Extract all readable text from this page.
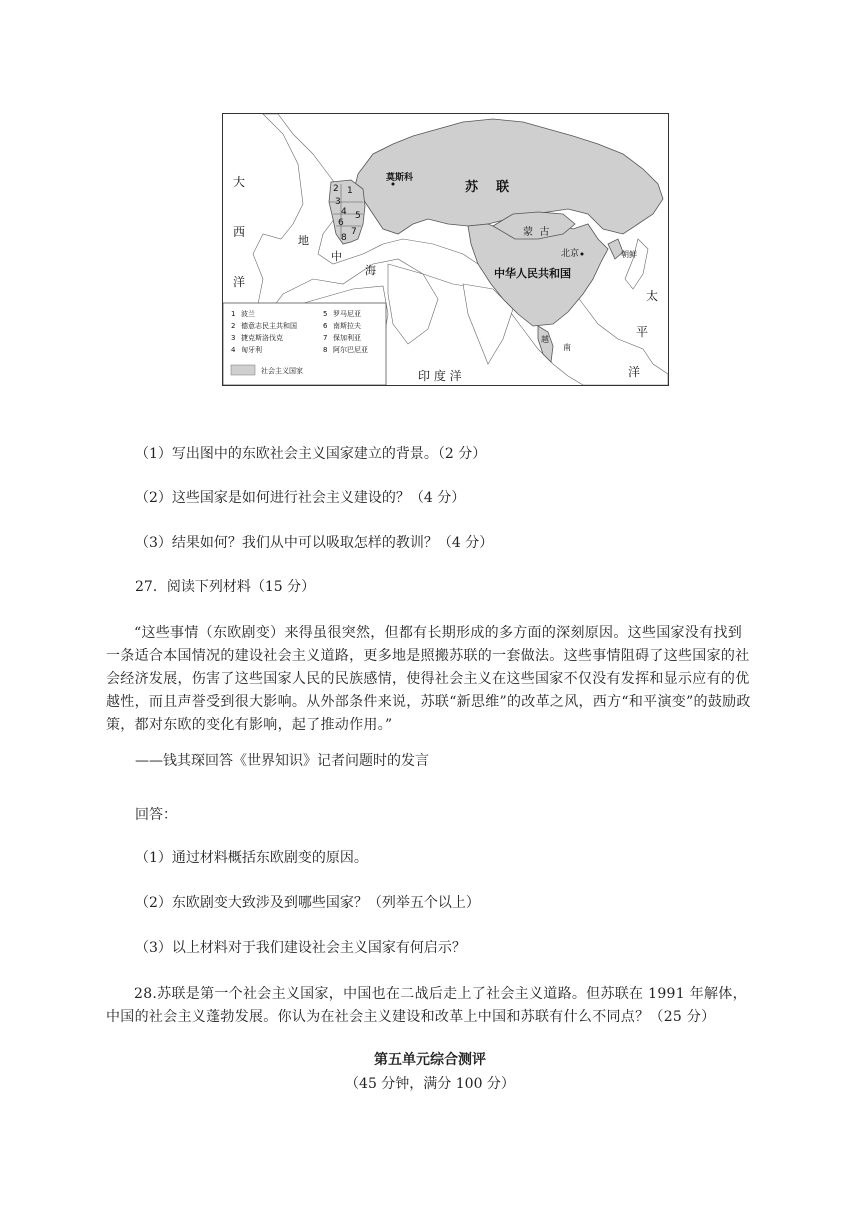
大
西
洋
地
中
海
太
平
洋
印 度 洋
莫斯科
苏    联
蒙  古
北京
中华人民共和国
朝鲜
越
南
1
2
3
4 5
6
7
8
1 波兰
2 德意志民主共和国
3 捷克斯洛伐克
4 匈牙利
5 罗马尼亚
6 南斯拉夫
7 保加利亚
8 阿尔巴尼亚
社会主义国家
（1）写出图中的东欧社会主义国家建立的背景。（2 分）
（2）这些国家是如何进行社会主义建设的？（4 分）
（3）结果如何？我们从中可以吸取怎样的教训？（4 分）
27．阅读下列材料（15 分）
“这些事情（东欧剧变）来得虽很突然，但都有长期形成的多方面的深刻原因。这些国家没有找到一条适合本国情况的建设社会主义道路，更多地是照搬苏联的一套做法。这些事情阻碍了这些国家的社会经济发展，伤害了这些国家人民的民族感情，使得社会主义在这些国家不仅没有发挥和显示应有的优越性，而且声誉受到很大影响。从外部条件来说，苏联“新思维”的改革之风，西方“和平演变”的鼓励政策，都对东欧的变化有影响，起了推动作用。”
——钱其琛回答《世界知识》记者问题时的发言
回答：
（1）通过材料概括东欧剧变的原因。
（2）东欧剧变大致涉及到哪些国家？（列举五个以上）
（3）以上材料对于我们建设社会主义国家有何启示？
28.苏联是第一个社会主义国家，中国也在二战后走上了社会主义道路。但苏联在 1991 年解体，中国的社会主义蓬勃发展。你认为在社会主义建设和改革上中国和苏联有什么不同点？（25 分）
第五单元综合测评
（45 分钟，满分 100 分）
